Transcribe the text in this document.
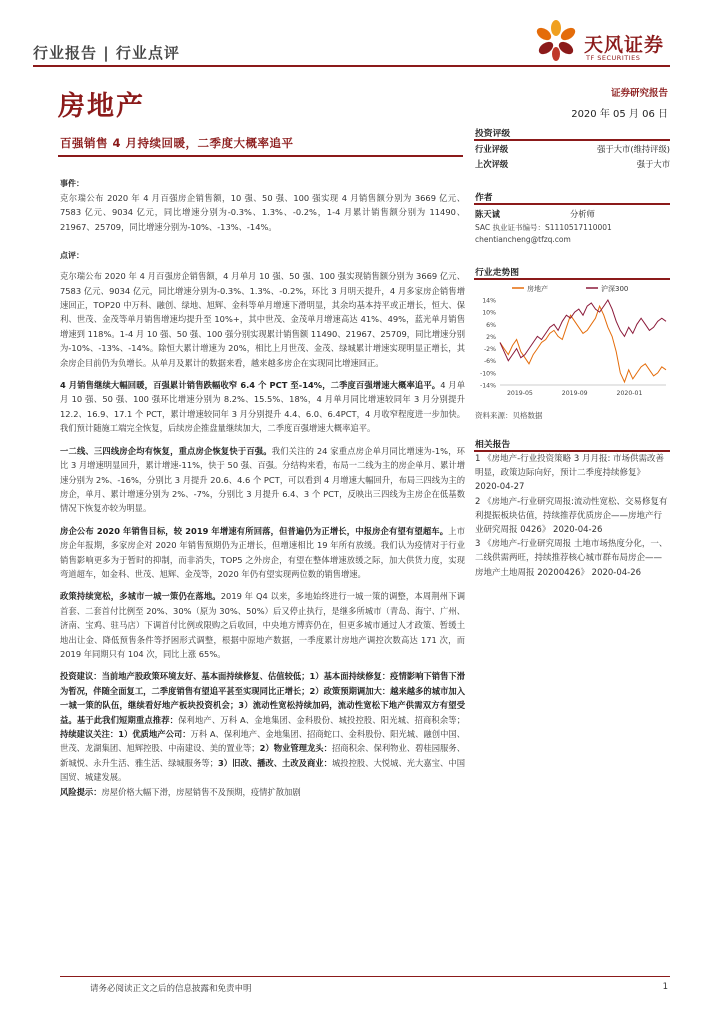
行业报告 | 行业点评	天风证券
TF SECURITIES
房地产	证券研究报告
2020 年 05 月 06 日
百强销售 4 月持续回暖，二季度大概率追平
事件：
克尔瑞公布 2020 年 4 月百强房企销售额，10 强、50 强、100 强实现 4 月销售额分别为 3669 亿元、7583 亿元、9034 亿元，同比增速分别为-0.3%、1.3%、-0.2%，1-4 月累计销售额分别为 11490、21967、25709，同比增速分别为-10%、-13%、-14%。
点评：
克尔瑞公布 2020 年 4 月百强房企销售额，4 月单月 10 强、50 强、100 强实现销售额分别为 3669 亿元、7583 亿元、9034 亿元，同比增速分别为-0.3%、1.3%、-0.2%，环比 3 月明天提升，4 月多家房企销售增速回正，TOP20 中万科、融创、绿地、旭辉、金科等单月增速下滑明显，其余均基本持平或正增长，恒大、保利、世茂、金茂等单月销售增速均提升至 10%+，其中世茂、金茂单月增速高达 41%、49%，蓝光单月销售增速到 118%。1-4 月 10 强、50 强、100 强分别实现累计销售额 11490、21967、25709，同比增速分别为-10%、-13%、-14%。除恒大累计增速为 20%，相比上月世茂、金茂、绿城累计增速实现明显正增长，其余房企目前仍为负增长。从单月及累计的数据来看，越来越多房企在实现同比增速回正。
4 月销售继续大幅回暖，百强累计销售跌幅收窄 6.4 个 PCT 至-14%，二季度百强增速大概率追平。4 月单月 10 强、50 强、100 强环比增速分别为 8.2%、15.5%、18%，4 月单月同比增速较同年 3 月分别提升 12.2、16.9、17.1 个 PCT，累计增速较同年 3 月分别提升 4.4、6.0、6.4PCT，4 月收窄程度进一步加快。我们预计随施工端完全恢复，后续房企推盘量继续加大，二季度百强增速大概率追平。
一二线、三四线房企均有恢复，重点房企恢复快于百强。我们关注的 24 家重点房企单月同比增速为-1%，环比 3 月增速明显回升，累计增速-11%，快于 50 强、百强。分结构来看，布局一二线为主的房企单月、累计增速分别为 2%、-16%，分别比 3 月提升 20.6、4.6 个 PCT，可以看到 4 月增速大幅回升，布局三四线为主的房企，单月、累计增速分别为 2%、-7%，分别比 3 月提升 6.4、3 个 PCT，反映出三四线为主房企在低基数情况下恢复亦较为明显。
房企公布 2020 年销售目标，较 2019 年增速有所回落，但普遍仍为正增长，中报房企有望有望超车。上市房企年报期，多家房企对 2020 年销售预期仍为正增长，但增速相比 19 年所有放缓。我们认为疫情对于行业销售影响更多为于暂时的抑制，而非消失，TOP5 之外房企，有望在整体增速放缓之际，加大供货力度，实现弯道超车，如金科、世茂、旭辉、金茂等，2020 年仍有望实现两位数的销售增速。
政策持续宽松，多城市一城一策仍在落地。2019 年 Q4 以来，多地始终进行一城一策的调整，本周荆州下调首套、二套首付比例至 20%、30%（原为 30%、50%）后又停止执行，是继多所城市（青岛、海宁、广州、济南、宝鸡、驻马店）下调首付比例或限购之后收回，中央地方博弈仍在，但更多城市通过人才政策、暂缓土地出让金、降低预售条件等抒困形式调整，根据中原地产数据，一季度累计房地产调控次数高达 171 次，而 2019 年同期只有 104 次，同比上涨 65%。
投资建议：当前地产股政策环境友好、基本面持续修复、估值较低；1）基本面持续修复：疫情影响下销售下滑为暂况，伴随全面复工，二季度销售有望追平甚至实现同比正增长；2）政策预期调加大：越来越多的城市加入一城一策的队伍，继续看好地产板块投资机会；3）流动性宽松持续加码，流动性宽松下地产供需双方有望受益。基于此我们短期重点推荐：保利地产、万科 A、金地集团、金科股份、城投控股、阳光城、招商积余等；持续建议关注：1）优质地产公司：万科 A、保利地产、金地集团、招商蛇口、金科股份、阳光城、融创中国、世茂、龙湖集团、旭辉控股、中南建设、美的置业等；2）物业管理龙头：招商积余、保利物业、碧桂园服务、新城悦、永升生活、雅生活、绿城服务等；3）旧改、播改、土改及商业：城投控股、大悦城、光大嘉宝、中国国贸、城建发展。
风险提示：房屋价格大幅下滑，房屋销售不及预期，疫情扩散加剧
投资评级
行业评级	强于大市(维持评级)
上次评级	强于大市
作者
陈天诚	分析师
SAC 执业证书编号：S1110517110001
chentiancheng@tfzq.com
行业走势图
14%
10%
6%
2%
-2%
-6%
-10%
-14%
2019-05	2019-09	2020-01
房地产	沪深300
资料来源：贝格数据
相关报告
1 《房地产-行业投资策略 3 月月报: 市场供需改善明显，政策边际向好，预计二季度持续修复》 2020-04-27
2 《房地产-行业研究周报:流动性宽松、交易修复有利提振板块估值，持续推荐优质房企——房地产行业研究周报 0426》 2020-04-26
3 《房地产-行业研究周报 土地市场热度分化，一、二线供需两旺，持续推荐核心城市群布局房企——房地产土地周报 20200426》 2020-04-26
请务必阅读正文之后的信息披露和免责申明	1
